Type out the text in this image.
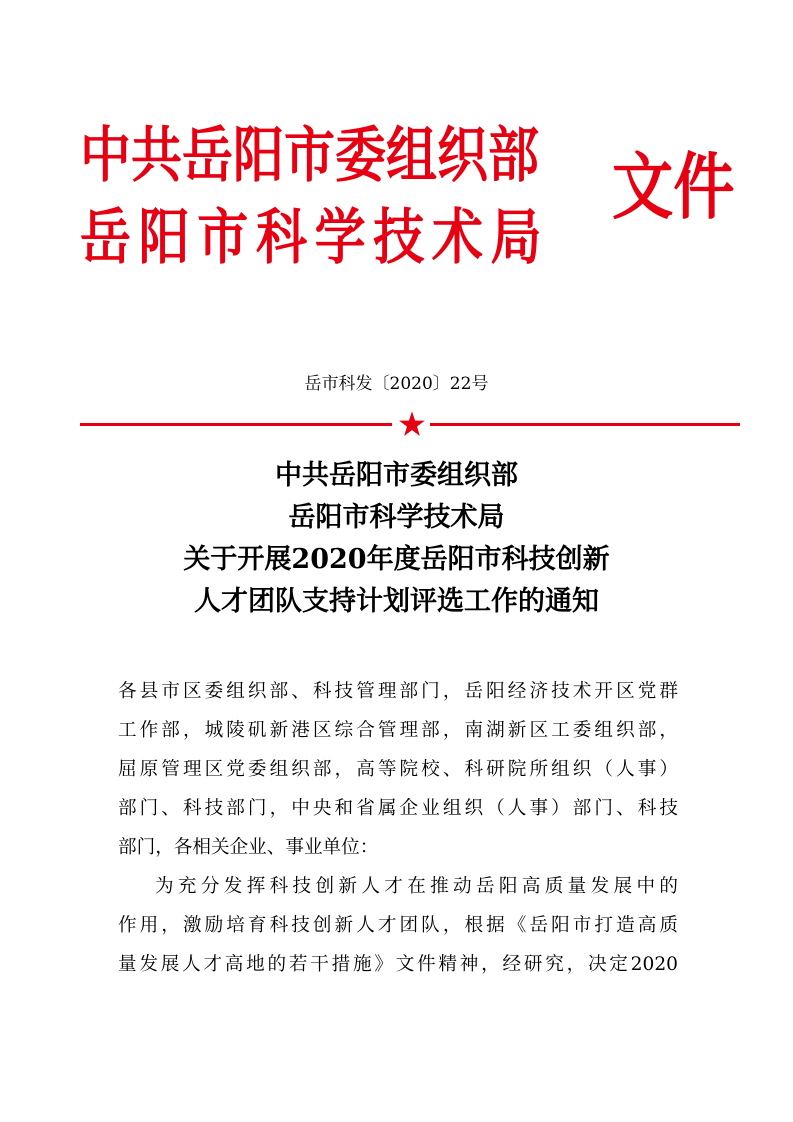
中共岳阳市委组织部
岳阳市科学技术局
文件
岳市科发〔2020〕22号
中共岳阳市委组织部
岳阳市科学技术局
关于开展2020年度岳阳市科技创新
人才团队支持计划评选工作的通知
各县市区委组织部、科技管理部门，岳阳经济技术开区党群
工作部，城陵矶新港区综合管理部，南湖新区工委组织部，
屈原管理区党委组织部，高等院校、科研院所组织（人事）
部门、科技部门，中央和省属企业组织（人事）部门、科技
部门，各相关企业、事业单位：
为充分发挥科技创新人才在推动岳阳高质量发展中的
作用，激励培育科技创新人才团队，根据《岳阳市打造高质
量发展人才高地的若干措施》文件精神，经研究，决定2020
